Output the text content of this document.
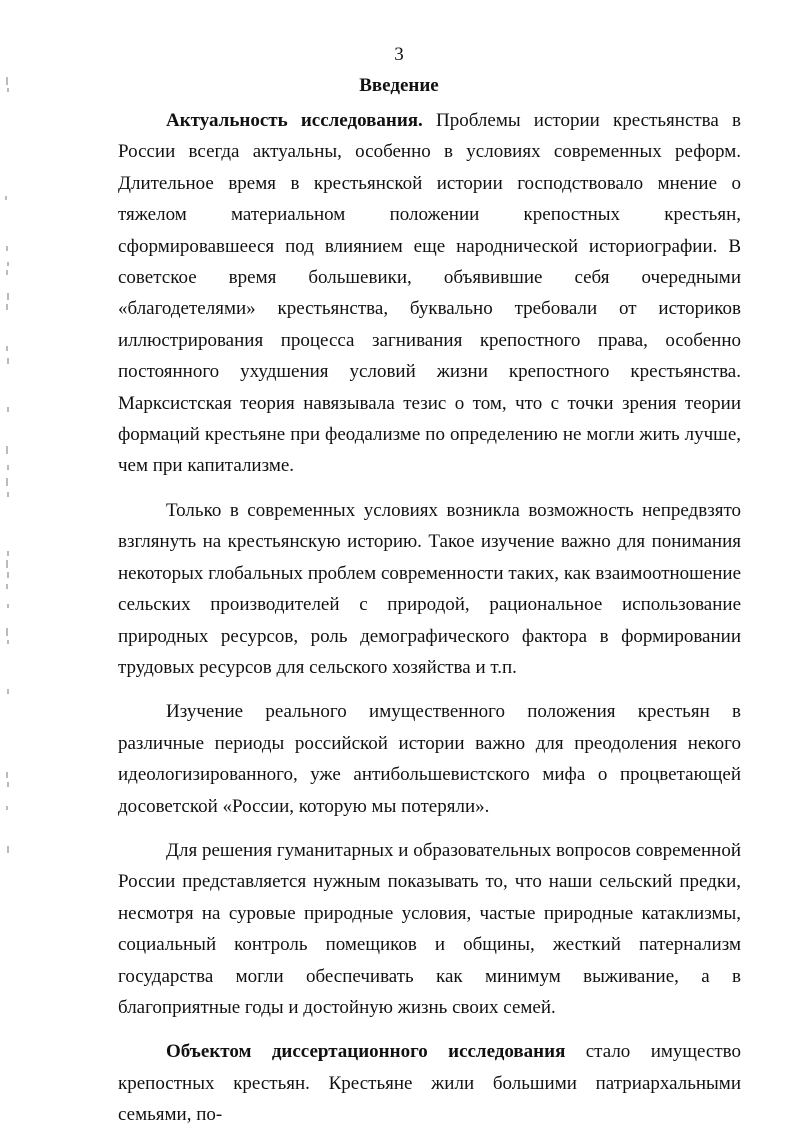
3
Введение

Актуальность исследования. Проблемы истории крестьянства в России всегда актуальны, особенно в условиях современных реформ. Длительное время в крестьянской истории господствовало мнение о тяжелом материальном положении крепостных крестьян, сформировавшееся под влиянием еще народнической историографии. В советское время большевики, объявившие себя очередными «благодетелями» крестьянства, буквально требовали от историков иллюстрирования процесса загнивания крепостного права, особенно постоянного ухудшения условий жизни крепостного крестьянства. Марксистская теория навязывала тезис о том, что с точки зрения теории формаций крестьяне при феодализме по определению не могли жить лучше, чем при капитализме.

Только в современных условиях возникла возможность непредвзято взглянуть на крестьянскую историю. Такое изучение важно для понимания некоторых глобальных проблем современности таких, как взаимоотношение сельских производителей с природой, рациональное использование природных ресурсов, роль демографического фактора в формировании трудовых ресурсов для сельского хозяйства и т.п.

Изучение реального имущественного положения крестьян в различные периоды российской истории важно для преодоления некого идеологизированного, уже антибольшевистского мифа о процветающей досоветской «России, которую мы потеряли».

Для решения гуманитарных и образовательных вопросов современной России представляется нужным показывать то, что наши сельский предки, несмотря на суровые природные условия, частые природные катаклизмы, социальный контроль помещиков и общины, жесткий патернализм государства могли обеспечивать как минимум выживание, а в благоприятные годы и достойную жизнь своих семей.

Объектом диссертационного исследования стало имущество крепостных крестьян. Крестьяне жили большими патриархальными семьями, по-
